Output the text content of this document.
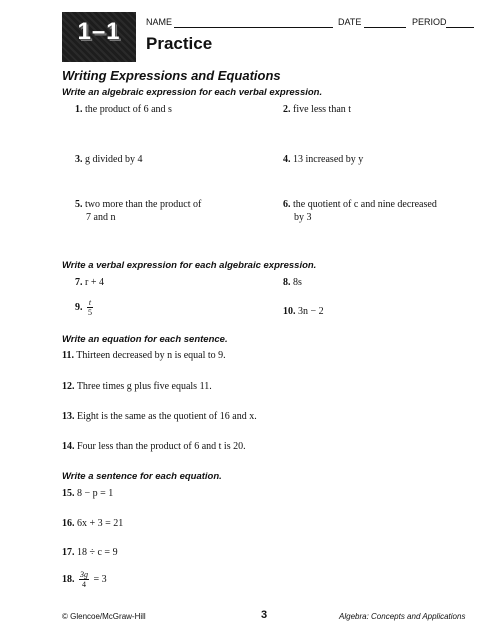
1–1	NAME	DATE	PERIOD
Practice
Writing Expressions and Equations
Write an algebraic expression for each verbal expression.
1. the product of 6 and s	2. five less than t
3. g divided by 4	4. 13 increased by y
5. two more than the product of
7 and n
6. the quotient of c and nine decreased
by 3
Write a verbal expression for each algebraic expression.
7. r + 4	8. 8s
9. $\frac{t}{5}$	10. 3n − 2
Write an equation for each sentence.
11. Thirteen decreased by n is equal to 9.
12. Three times g plus five equals 11.
13. Eight is the same as the quotient of 16 and x.
14. Four less than the product of 6 and t is 20.
Write a sentence for each equation.
15. 8 − p = 1
16. 6x + 3 = 21
17. 18 ÷ c = 9
18. $\frac{3g}{4} = 3$
© Glencoe/McGraw-Hill	3	Algebra: Concepts and Applications
